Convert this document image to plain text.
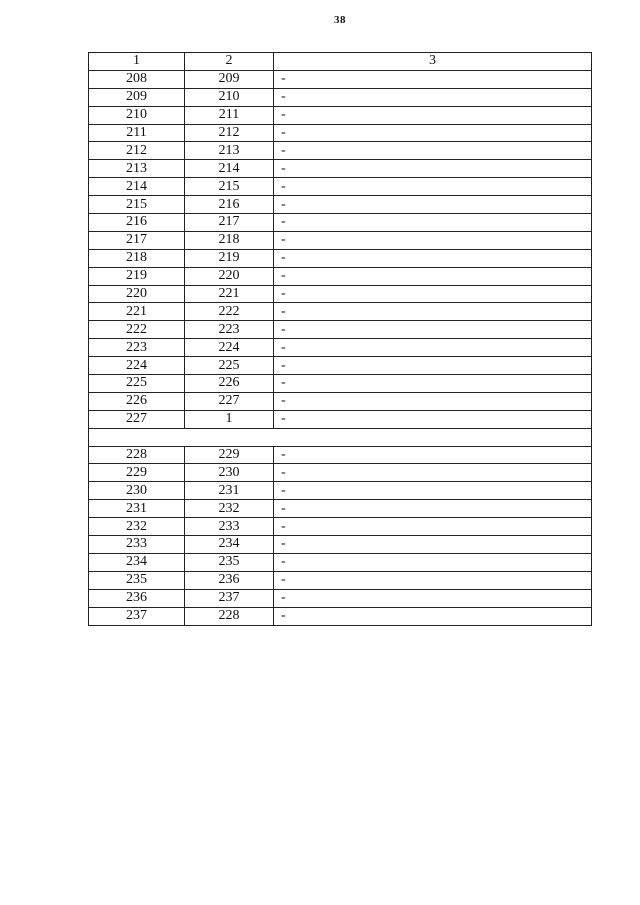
38
1	2	3
208	209	-
209	210	-
210	211	-
211	212	-
212	213	-
213	214	-
214	215	-
215	216	-
216	217	-
217	218	-
218	219	-
219	220	-
220	221	-
221	222	-
222	223	-
223	224	-
224	225	-
225	226	-
226	227	-
227	1	-

228	229	-
229	230	-
230	231	-
231	232	-
232	233	-
233	234	-
234	235	-
235	236	-
236	237	-
237	228	-
